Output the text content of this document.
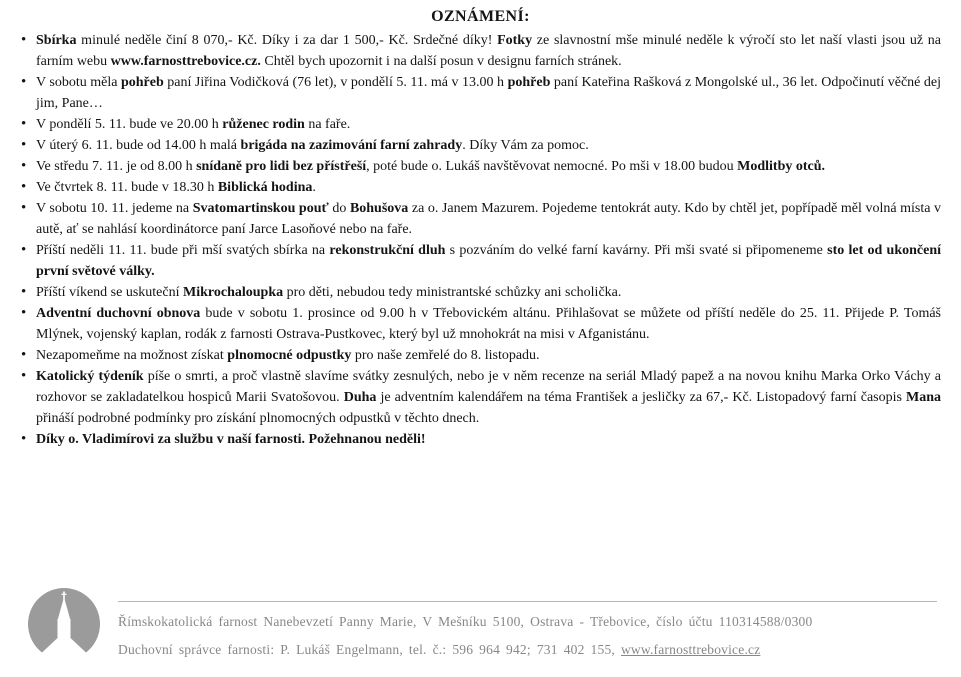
OZNÁMENÍ:
• Sbírka minulé neděle činí 8 070,- Kč. Díky i za dar 1 500,- Kč. Srdečné díky! Fotky ze slavnostní mše minulé neděle k výročí sto let naší vlasti jsou už na farním webu www.farnosttrebovice.cz. Chtěl bych upozornit i na další posun v designu farních stránek.
• V sobotu měla pohřeb paní Jiřina Vodičková (76 let), v pondělí 5. 11. má v 13.00 h pohřeb paní Kateřina Rašková z Mongolské ul., 36 let. Odpočinutí věčné dej jim, Pane…
• V pondělí 5. 11. bude ve 20.00 h růženec rodin na faře.
• V úterý 6. 11. bude od 14.00 h malá brigáda na zazimování farní zahrady. Díky Vám za pomoc.
• Ve středu 7. 11. je od 8.00 h snídaně pro lidi bez přístřeší, poté bude o. Lukáš navštěvovat nemocné. Po mši v 18.00 budou Modlitby otců.
• Ve čtvrtek 8. 11. bude v 18.30 h Biblická hodina.
• V sobotu 10. 11. jedeme na Svatomartinskou pouť do Bohušova za o. Janem Mazurem. Pojedeme tentokrát auty. Kdo by chtěl jet, popřípadě měl volná místa v autě, ať se nahlásí koordinátorce paní Jarce Lasoňové nebo na faře.
• Příští neděli 11. 11. bude při mší svatých sbírka na rekonstrukční dluh s pozváním do velké farní kavárny. Při mši svaté si připomeneme sto let od ukončení první světové války.
• Příští víkend se uskuteční Mikrochaloupka pro děti, nebudou tedy ministrantské schůzky ani scholička.
• Adventní duchovní obnova bude v sobotu 1. prosince od 9.00 h v Třebovickém altánu. Přihlašovat se můžete od příští neděle do 25. 11. Přijede P. Tomáš Mlýnek, vojenský kaplan, rodák z farnosti Ostrava-Pustkovec, který byl už mnohokrát na misi v Afganistánu.
• Nezapomeňme na možnost získat plnomocné odpustky pro naše zemřelé do 8. listopadu.
• Katolický týdeník píše o smrti, a proč vlastně slavíme svátky zesnulých, nebo je v něm recenze na seriál Mladý papež a na novou knihu Marka Orko Váchy a rozhovor se zakladatelkou hospiců Marii Svatošovou. Duha je adventním kalendářem na téma František a jesličky za 67,- Kč. Listopadový farní časopis Mana přináší podrobné podmínky pro získání plnomocných odpustků v těchto dnech.
• Díky o. Vladimírovi za službu v naší farnosti. Požehnanou neděli!

Římskokatolická farnost Nanebevzetí Panny Marie, V Mešníku 5100, Ostrava - Třebovice, číslo účtu 110314588/0300

Duchovní správce farnosti: P. Lukáš Engelmann, tel. č.: 596 964 942; 731 402 155, www.farnosttrebovice.cz
